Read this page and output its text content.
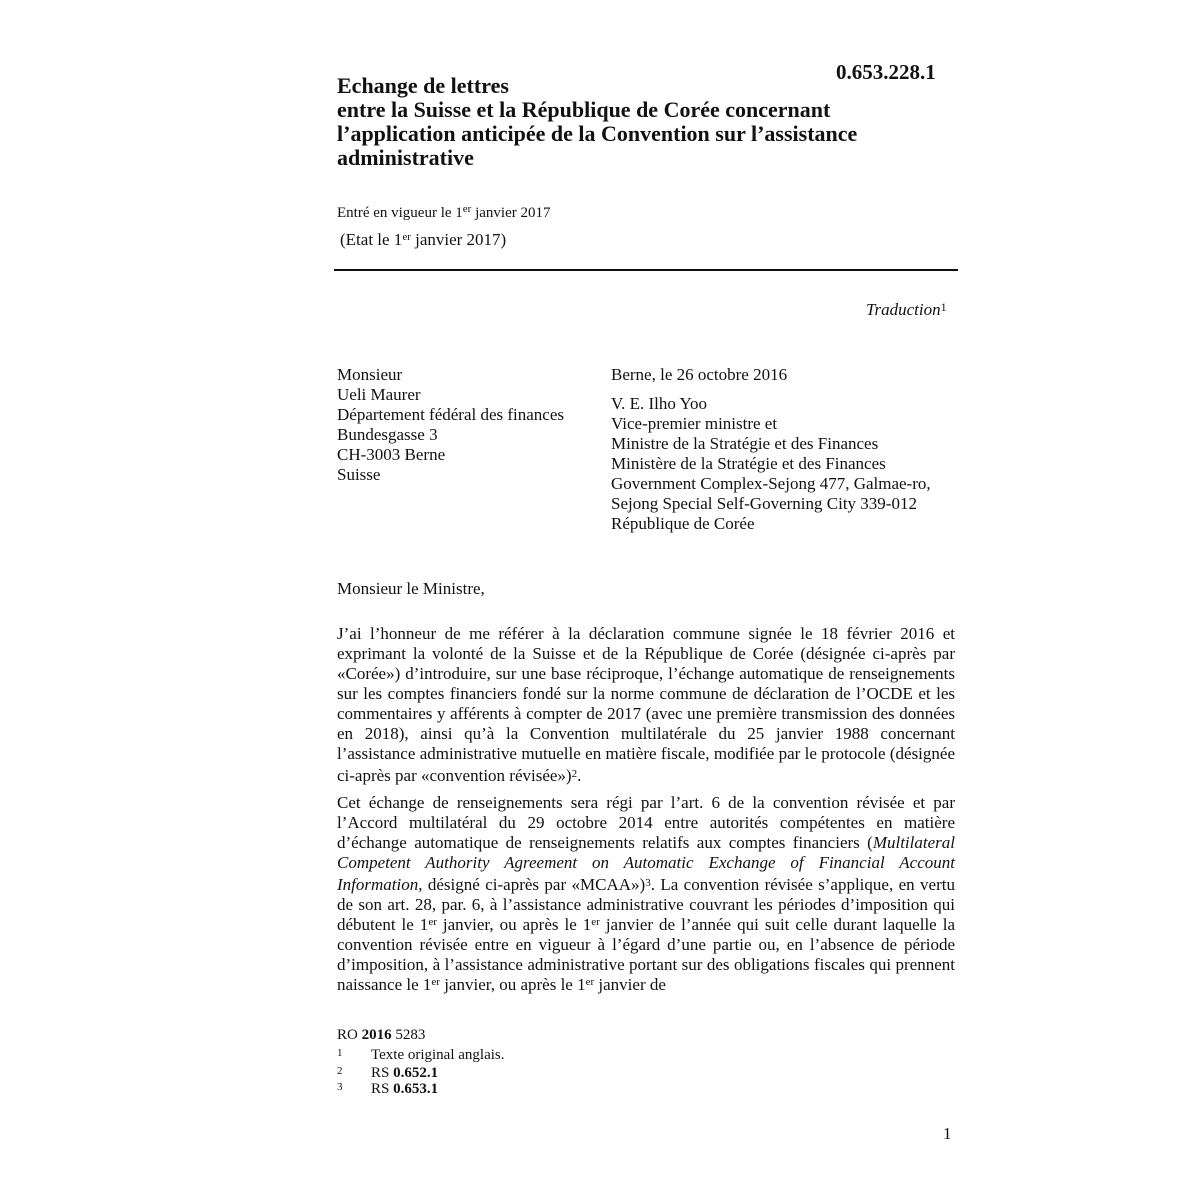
0.653.228.1
Echange de lettres
entre la Suisse et la République de Corée concernant
l’application anticipée de la Convention sur l’assistance
administrative
Entré en vigueur le 1er janvier 2017
(Etat le 1er janvier 2017)
Traduction$^1$
Monsieur
Ueli Maurer
Département fédéral des finances
Bundesgasse 3
CH-3003 Berne
Suisse
Berne, le 26 octobre 2016
V. E. Ilho Yoo
Vice-premier ministre et
Ministre de la Stratégie et des Finances
Ministère de la Stratégie et des Finances
Government Complex-Sejong 477, Galmae-ro,
Sejong Special Self-Governing City 339-012
République de Corée
Monsieur le Ministre,
J’ai l’honneur de me référer à la déclaration commune signée le 18 février 2016 et exprimant la volonté de la Suisse et de la République de Corée (désignée ci-après par «Corée») d’introduire, sur une base réciproque, l’échange automatique de renseignements sur les comptes financiers fondé sur la norme commune de déclaration de l’OCDE et les commentaires y afférents à compter de 2017 (avec une première transmission des données en 2018), ainsi qu’à la Convention multilatérale du 25 janvier 1988 concernant l’assistance administrative mutuelle en matière fiscale, modifiée par le protocole (désignée ci-après par «convention révisée»)$^2$.
Cet échange de renseignements sera régi par l’art. 6 de la convention révisée et par l’Accord multilatéral du 29 octobre 2014 entre autorités compétentes en matière d’échange automatique de renseignements relatifs aux comptes financiers (Multilateral Competent Authority Agreement on Automatic Exchange of Financial Account Information, désigné ci-après par «MCAA»)$^3$. La convention révisée s’applique, en vertu de son art. 28, par. 6, à l’assistance administrative couvrant les périodes d’imposition qui débutent le 1er janvier, ou après le 1er janvier de l’année qui suit celle durant laquelle la convention révisée entre en vigueur à l’égard d’une partie ou, en l’absence de période d’imposition, à l’assistance administrative portant sur des obligations fiscales qui prennent naissance le 1er janvier, ou après le 1er janvier de
RO 2016 5283
1 Texte original anglais.
2 RS 0.652.1
3 RS 0.653.1
1
